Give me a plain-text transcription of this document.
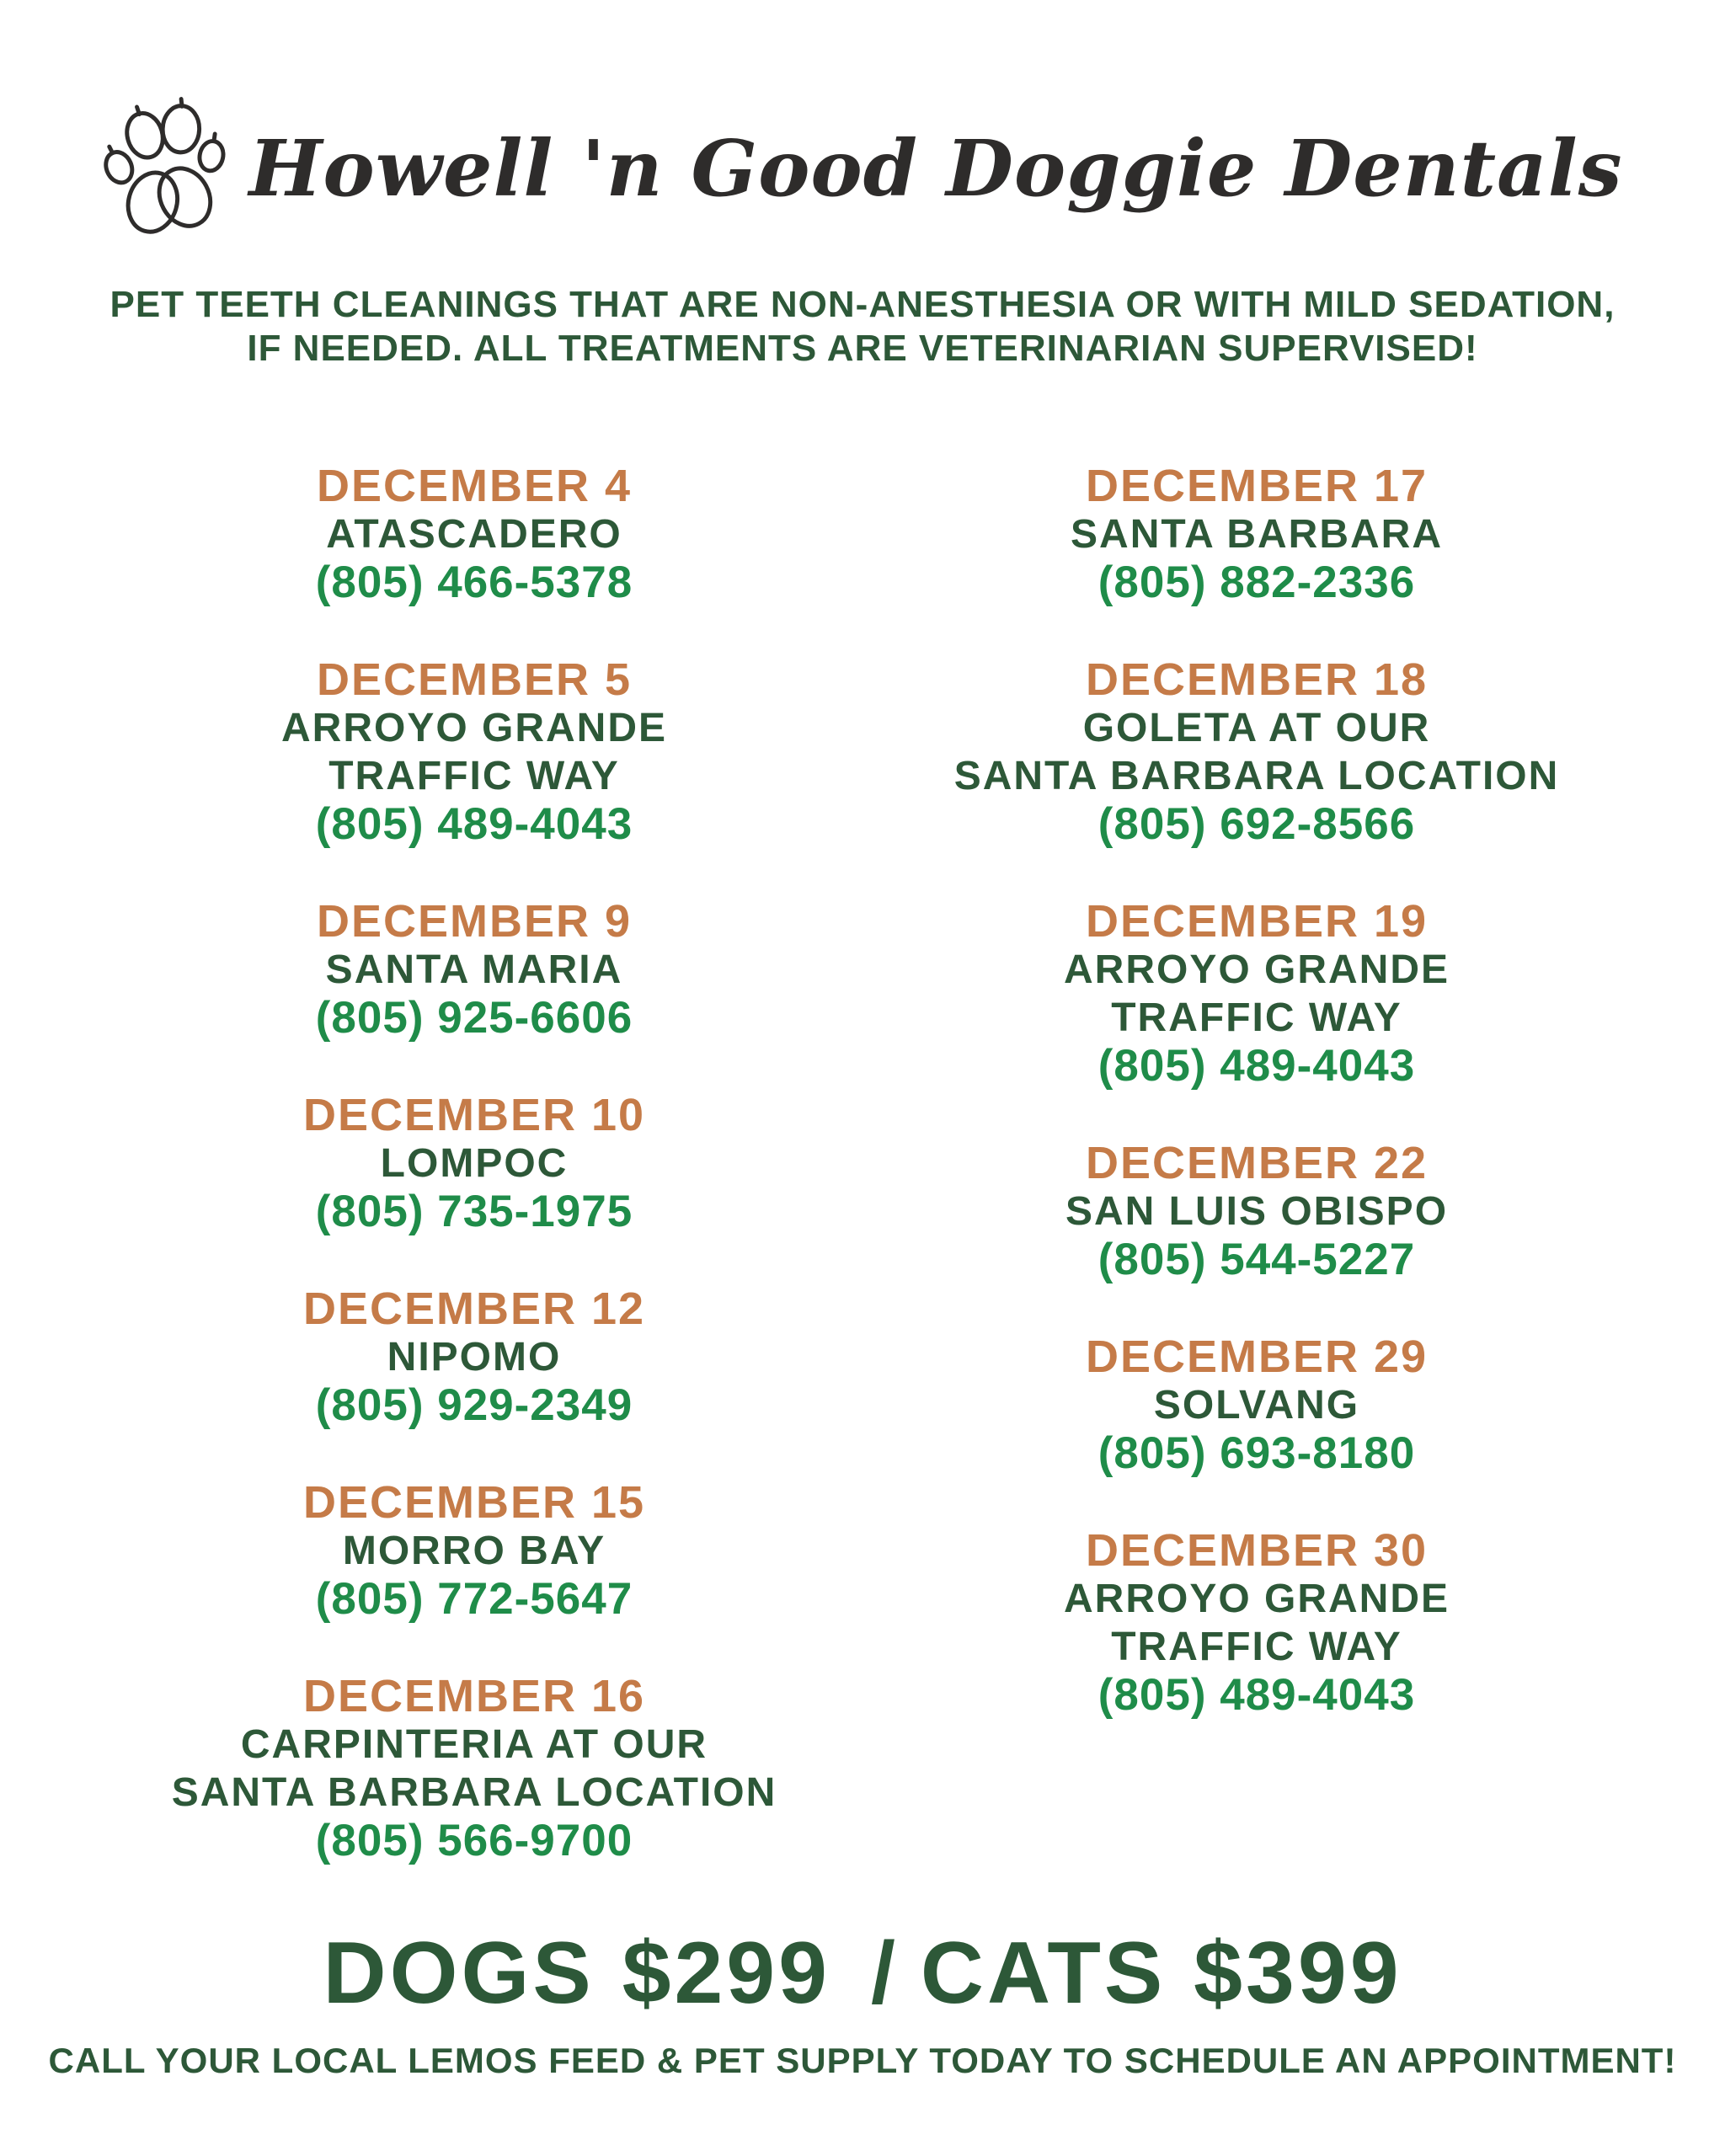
Howell 'n Good Doggie Dentals
PET TEETH CLEANINGS THAT ARE NON-ANESTHESIA OR WITH MILD SEDATION,
IF NEEDED. ALL TREATMENTS ARE VETERINARIAN SUPERVISED!
DECEMBER 4
ATASCADERO
(805) 466-5378
DECEMBER 5
ARROYO GRANDE
TRAFFIC WAY
(805) 489-4043
DECEMBER 9
SANTA MARIA
(805) 925-6606
DECEMBER 10
LOMPOC
(805) 735-1975
DECEMBER 12
NIPOMO
(805) 929-2349
DECEMBER 15
MORRO BAY
(805) 772-5647
DECEMBER 16
CARPINTERIA AT OUR
SANTA BARBARA LOCATION
(805) 566-9700
DECEMBER 17
SANTA BARBARA
(805) 882-2336
DECEMBER 18
GOLETA AT OUR
SANTA BARBARA LOCATION
(805) 692-8566
DECEMBER 19
ARROYO GRANDE
TRAFFIC WAY
(805) 489-4043
DECEMBER 22
SAN LUIS OBISPO
(805) 544-5227
DECEMBER 29
SOLVANG
(805) 693-8180
DECEMBER 30
ARROYO GRANDE
TRAFFIC WAY
(805) 489-4043
DOGS $299 / CATS $399
CALL YOUR LOCAL LEMOS FEED & PET SUPPLY TODAY TO SCHEDULE AN APPOINTMENT!
